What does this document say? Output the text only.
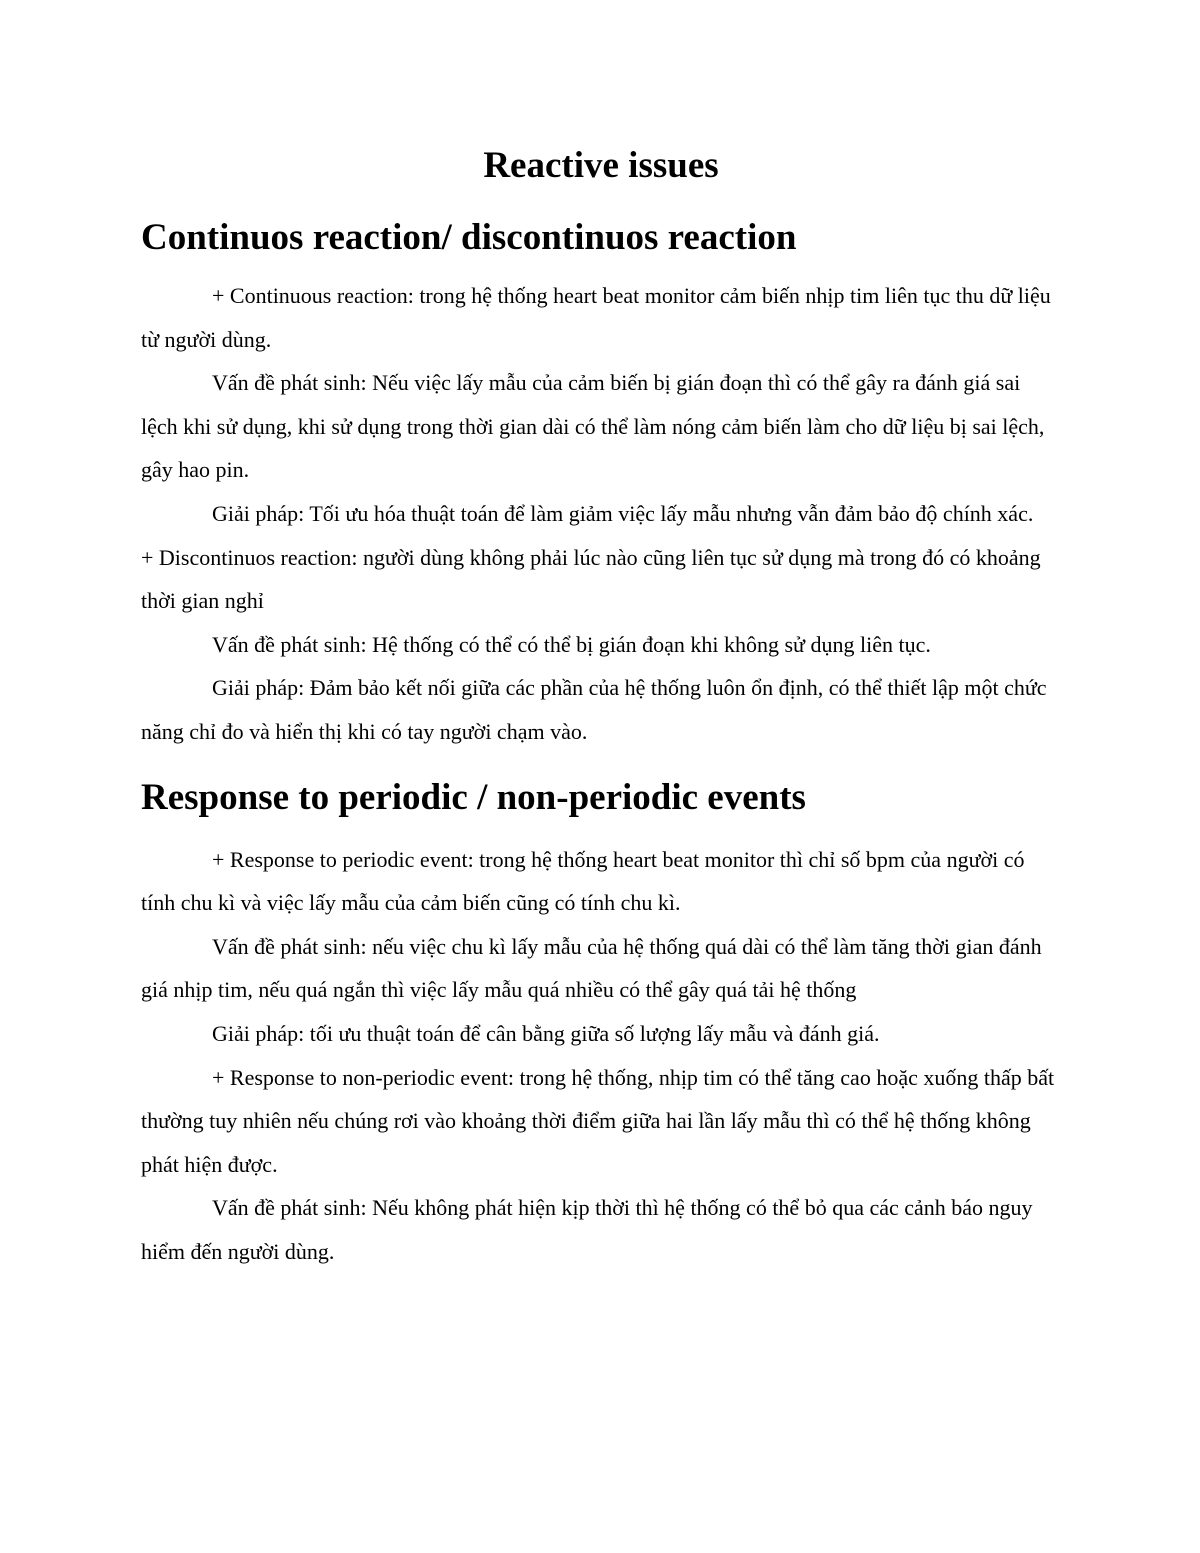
Reactive issues
Continuos reaction/ discontinuos reaction

+ Continuous reaction: trong hệ thống heart beat monitor cảm biến nhịp tim liên tục thu dữ liệu từ người dùng.

Vấn đề phát sinh: Nếu việc lấy mẫu của cảm biến bị gián đoạn thì có thể gây ra đánh giá sai lệch khi sử dụng, khi sử dụng trong thời gian dài có thể làm nóng cảm biến làm cho dữ liệu bị sai lệch, gây hao pin.

Giải pháp: Tối ưu hóa thuật toán để làm giảm việc lấy mẫu nhưng vẫn đảm bảo độ chính xác.

+ Discontinuos reaction: người dùng không phải lúc nào cũng liên tục sử dụng mà trong đó có khoảng thời gian nghỉ

Vấn đề phát sinh: Hệ thống có thể có thể bị gián đoạn khi không sử dụng liên tục.

Giải pháp: Đảm bảo kết nối giữa các phần của hệ thống luôn ổn định, có thể thiết lập một chức năng chỉ đo và hiển thị khi có tay người chạm vào.

Response to periodic / non-periodic events

+ Response to periodic event: trong hệ thống heart beat monitor thì chỉ số bpm của người có tính chu kì và việc lấy mẫu của cảm biến cũng có tính chu kì.

Vấn đề phát sinh: nếu việc chu kì lấy mẫu của hệ thống quá dài có thể làm tăng thời gian đánh giá nhịp tim, nếu quá ngắn thì việc lấy mẫu quá nhiều có thể gây quá tải hệ thống

Giải pháp: tối ưu thuật toán để cân bằng giữa số lượng lấy mẫu và đánh giá.

+ Response to non-periodic event: trong hệ thống, nhịp tim có thể tăng cao hoặc xuống thấp bất thường tuy nhiên nếu chúng rơi vào khoảng thời điểm giữa hai lần lấy mẫu thì có thể hệ thống không phát hiện được.

Vấn đề phát sinh: Nếu không phát hiện kịp thời thì hệ thống có thể bỏ qua các cảnh báo nguy hiểm đến người dùng.
